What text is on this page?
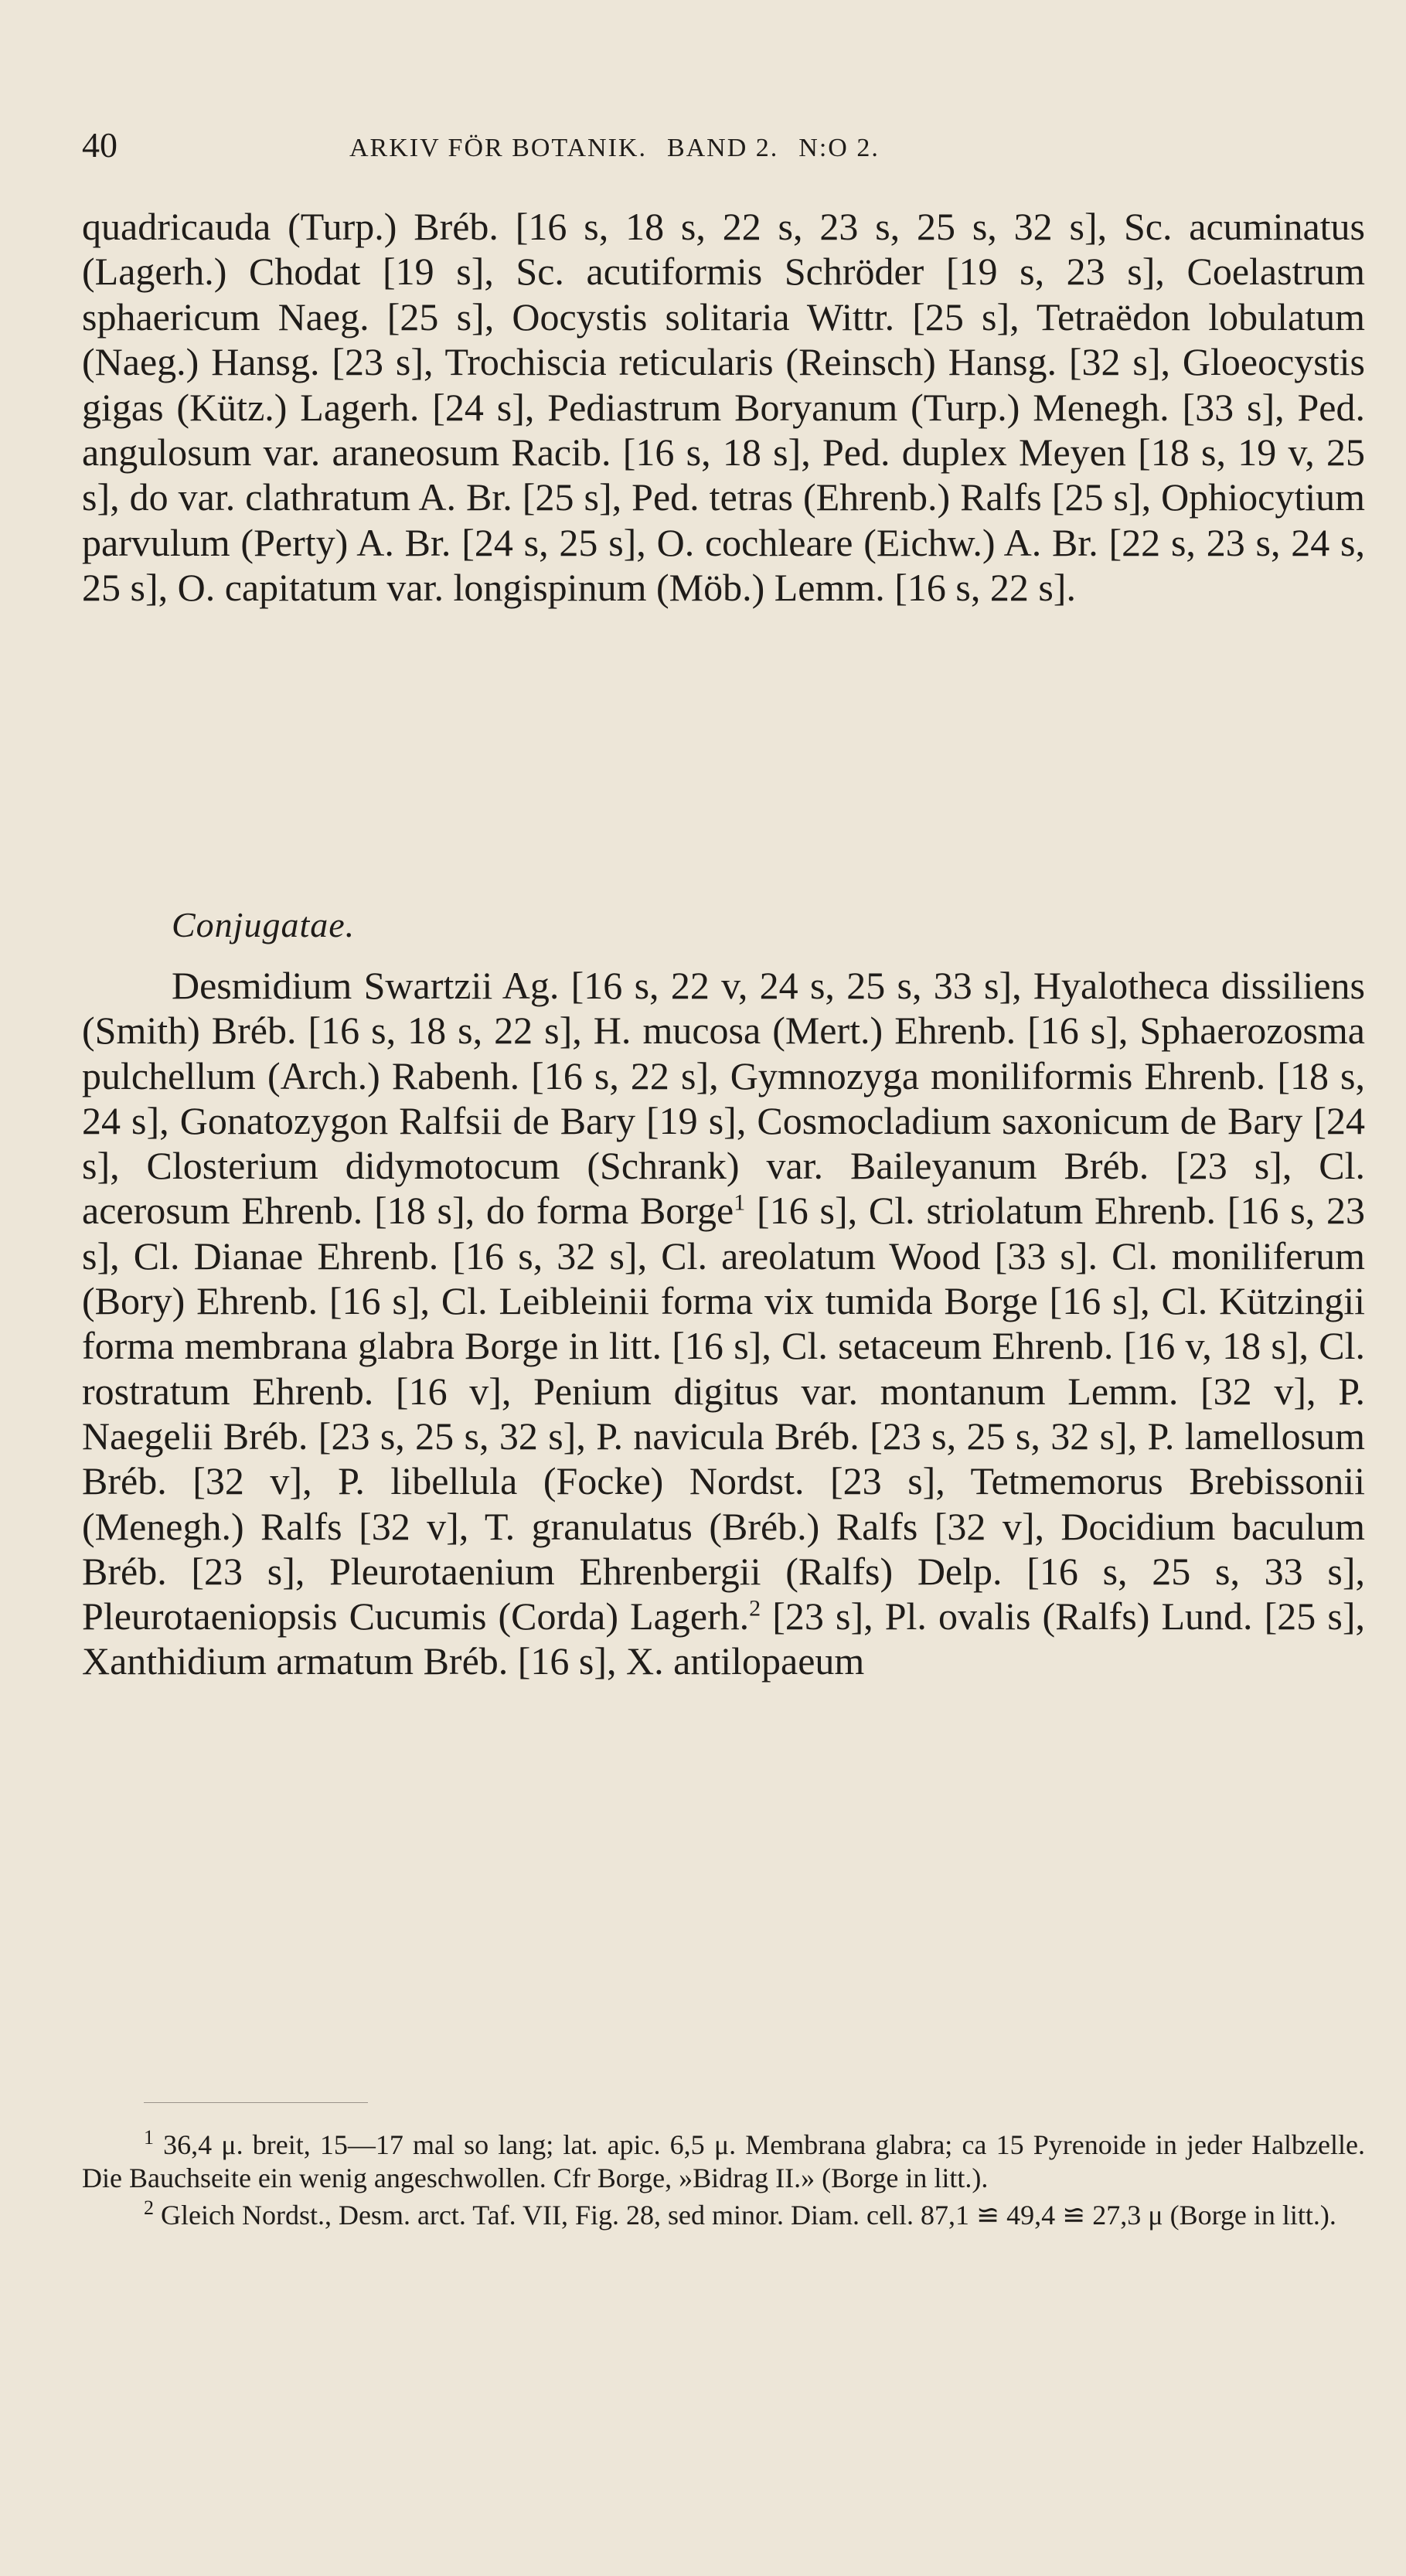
40	ARKIV FÖR BOTANIK. BAND 2. N:O 2.

quadricauda (Turp.) Bréb. [16 s, 18 s, 22 s, 23 s, 25 s, 32 s], Sc. acuminatus (Lagerh.) Chodat [19 s], Sc. acutiformis Schröder [19 s, 23 s], Coelastrum sphaericum Naeg. [25 s], Oocystis solitaria Wittr. [25 s], Tetraëdon lobulatum (Naeg.) Hansg. [23 s], Trochiscia reticularis (Reinsch) Hansg. [32 s], Gloeocystis gigas (Kütz.) Lagerh. [24 s], Pediastrum Boryanum (Turp.) Menegh. [33 s], Ped. angulosum var. araneosum Racib. [16 s, 18 s], Ped. duplex Meyen [18 s, 19 v, 25 s], do var. clathratum A. Br. [25 s], Ped. tetras (Ehrenb.) Ralfs [25 s], Ophiocytium parvulum (Perty) A. Br. [24 s, 25 s], O. cochleare (Eichw.) A. Br. [22 s, 23 s, 24 s, 25 s], O. capitatum var. longispinum (Möb.) Lemm. [16 s, 22 s].

Conjugatae.

Desmidium Swartzii Ag. [16 s, 22 v, 24 s, 25 s, 33 s], Hyalotheca dissiliens (Smith) Bréb. [16 s, 18 s, 22 s], H. mucosa (Mert.) Ehrenb. [16 s], Sphaerozosma pulchellum (Arch.) Rabenh. [16 s, 22 s], Gymnozyga moniliformis Ehrenb. [18 s, 24 s], Gonatozygon Ralfsii de Bary [19 s], Cosmocladium saxonicum de Bary [24 s], Closterium didymotocum (Schrank) var. Baileyanum Bréb. [23 s], Cl. acerosum Ehrenb. [18 s], do forma Borge$^1$ [16 s], Cl. striolatum Ehrenb. [16 s, 23 s], Cl. Dianae Ehrenb. [16 s, 32 s], Cl. areolatum Wood [33 s]. Cl. moniliferum (Bory) Ehrenb. [16 s], Cl. Leibleinii forma vix tumida Borge [16 s], Cl. Kützingii forma membrana glabra Borge in litt. [16 s], Cl. setaceum Ehrenb. [16 v, 18 s], Cl. rostratum Ehrenb. [16 v], Penium digitus var. montanum Lemm. [32 v], P. Naegelii Bréb. [23 s, 25 s, 32 s], P. navicula Bréb. [23 s, 25 s, 32 s], P. lamellosum Bréb. [32 v], P. libellula (Focke) Nordst. [23 s], Tetmemorus Brebissonii (Menegh.) Ralfs [32 v], T. granulatus (Bréb.) Ralfs [32 v], Docidium baculum Bréb. [23 s], Pleurotaenium Ehrenbergii (Ralfs) Delp. [16 s, 25 s, 33 s], Pleurotaeniopsis Cucumis (Corda) Lagerh.$^2$ [23 s], Pl. ovalis (Ralfs) Lund. [25 s], Xanthidium armatum Bréb. [16 s], X. antilopaeum

$^1$ 36,4 μ. breit, 15—17 mal so lang; lat. apic. 6,5 μ. Membrana glabra; ca 15 Pyrenoide in jeder Halbzelle. Die Bauchseite ein wenig angeschwollen. Cfr Borge, »Bidrag II.» (Borge in litt.).

$^2$ Gleich Nordst., Desm. arct. Taf. VII, Fig. 28, sed minor. Diam. cell. 87,1 ≌ 49,4 ≌ 27,3 μ (Borge in litt.).
